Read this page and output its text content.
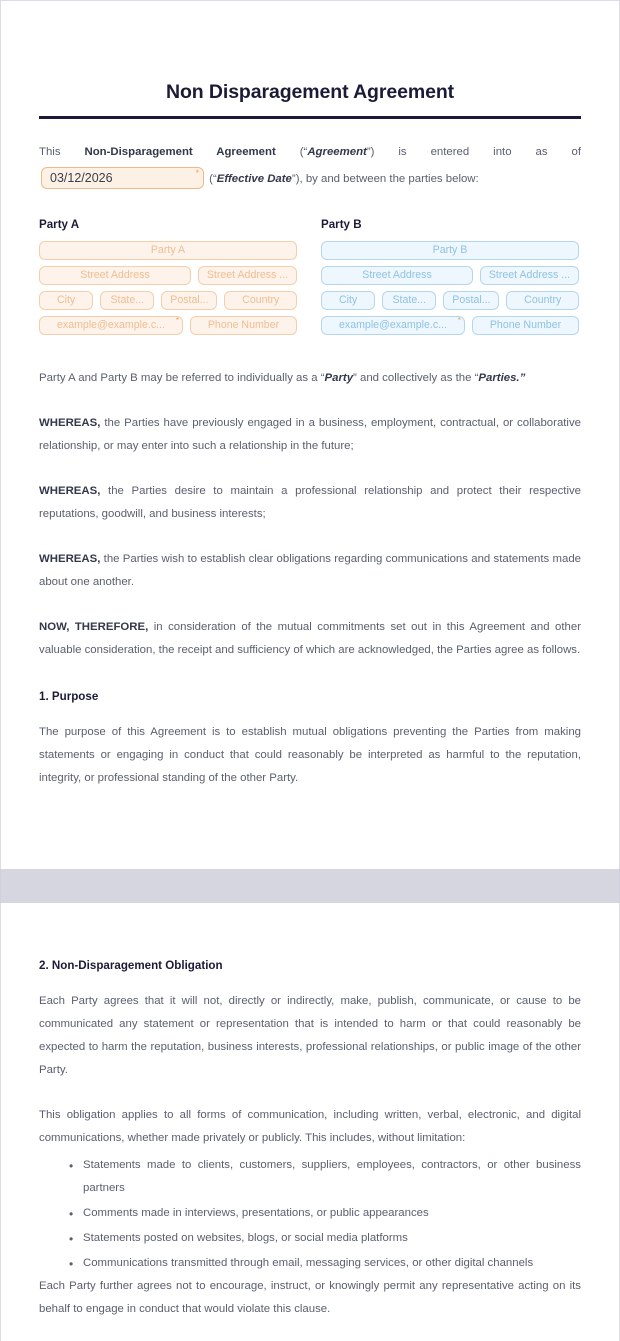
Non Disparagement Agreement

This Non-Disparagement Agreement (“Agreement”) is entered into as of 03/12/2026	*
(“Effective Date”), by and between the parties below:

Party A
Party A
Street Address	Street Address ...
City	State...	Postal...	Country
example@example.c... *	Phone Number
Party B
Party B
Street Address	Street Address ...
City	State...	Postal...	Country
example@example.c... *	Phone Number

Party A and Party B may be referred to individually as a “Party” and collectively as the “Parties.”

WHEREAS, the Parties have previously engaged in a business, employment, contractual, or collaborative relationship, or may enter into such a relationship in the future;

WHEREAS, the Parties desire to maintain a professional relationship and protect their respective reputations, goodwill, and business interests;

WHEREAS, the Parties wish to establish clear obligations regarding communications and statements made about one another.

NOW, THEREFORE, in consideration of the mutual commitments set out in this Agreement and other valuable consideration, the receipt and sufficiency of which are acknowledged, the Parties agree as follows.

1. Purpose

The purpose of this Agreement is to establish mutual obligations preventing the Parties from making statements or engaging in conduct that could reasonably be interpreted as harmful to the reputation, integrity, or professional standing of the other Party.

2. Non-Disparagement Obligation

Each Party agrees that it will not, directly or indirectly, make, publish, communicate, or cause to be communicated any statement or representation that is intended to harm or that could reasonably be expected to harm the reputation, business interests, professional relationships, or public image of the other Party.

This obligation applies to all forms of communication, including written, verbal, electronic, and digital communications, whether made privately or publicly. This includes, without limitation:

• Statements made to clients, customers, suppliers, employees, contractors, or other business partners
• Comments made in interviews, presentations, or public appearances
• Statements posted on websites, blogs, or social media platforms
• Communications transmitted through email, messaging services, or other digital channels

Each Party further agrees not to encourage, instruct, or knowingly permit any representative acting on its behalf to engage in conduct that would violate this clause.
